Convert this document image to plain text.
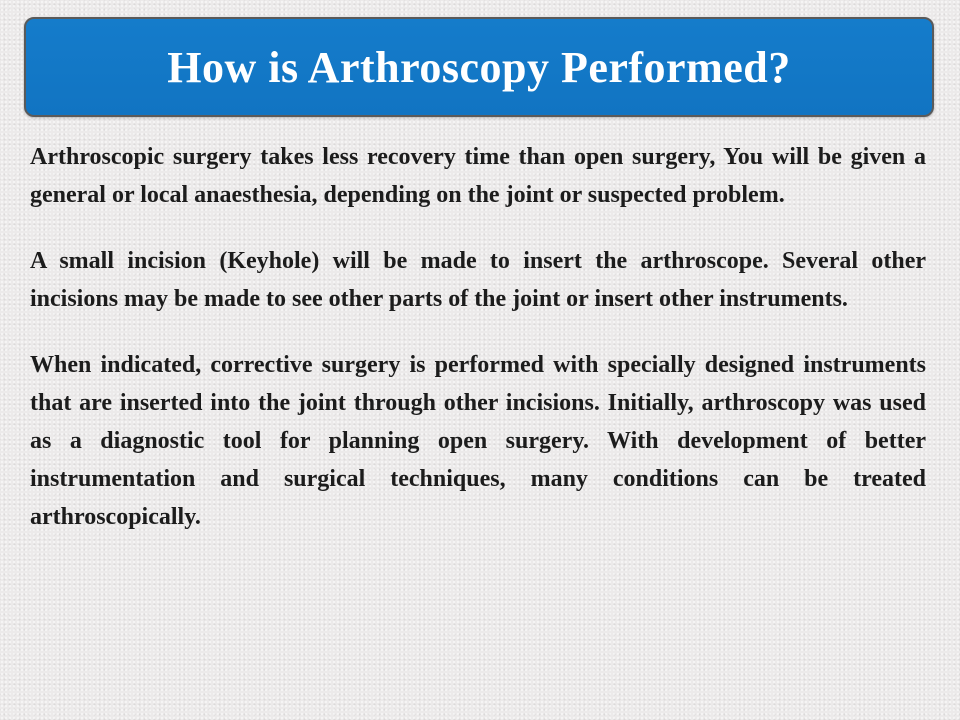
How is Arthroscopy Performed?

Arthroscopic surgery takes less recovery time than open surgery, You will be given a general or local anaesthesia, depending on the joint or suspected problem.

A small incision (Keyhole) will be made to insert the arthroscope. Several other incisions may be made to see other parts of the joint or insert other instruments.

When indicated, corrective surgery is performed with specially designed instruments that are inserted into the joint through other incisions. Initially, arthroscopy was used as a diagnostic tool for planning open surgery. With development of better instrumentation and surgical techniques, many conditions can be treated arthroscopically.
